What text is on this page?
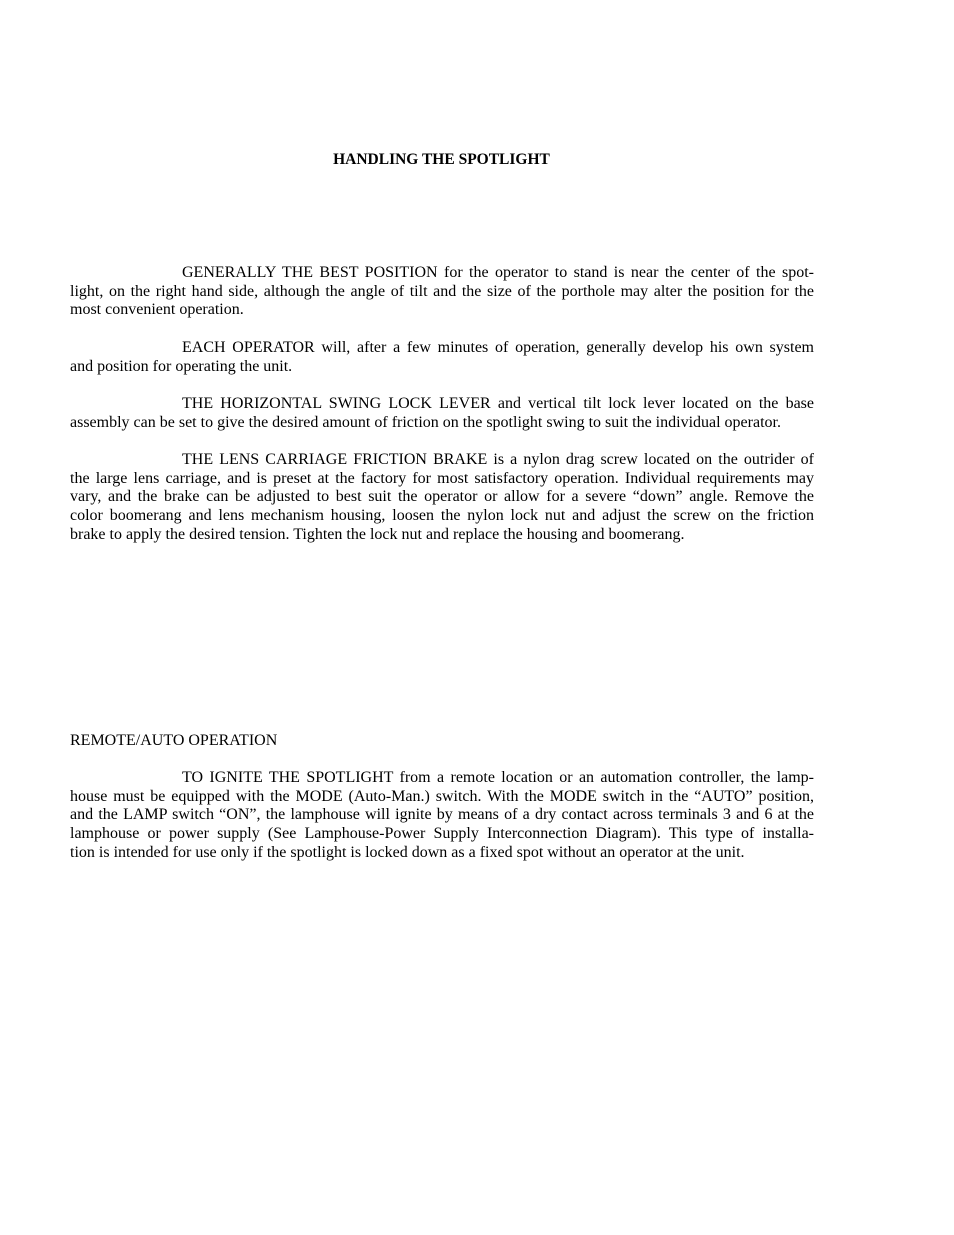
HANDLING THE SPOTLIGHT
GENERALLY THE BEST POSITION for the operator to stand is near the center of the spot-
light, on the right hand side, although the angle of tilt and the size of the porthole may alter the position for the
most convenient operation.
EACH OPERATOR will, after a few minutes of operation, generally develop his own system
and position for operating the unit.
THE HORIZONTAL SWING LOCK LEVER and vertical tilt lock lever located on the base
assembly can be set to give the desired amount of friction on the spotlight swing to suit the individual operator.
THE LENS CARRIAGE FRICTION BRAKE is a nylon drag screw located on the outrider of
the large lens carriage, and is preset at the factory for most satisfactory operation. Individual requirements may
vary, and the brake can be adjusted to best suit the operator or allow for a severe “down” angle. Remove the
color boomerang and lens mechanism housing, loosen the nylon lock nut and adjust the screw on the friction
brake to apply the desired tension. Tighten the lock nut and replace the housing and boomerang.
REMOTE/AUTO OPERATION
TO IGNITE THE SPOTLIGHT from a remote location or an automation controller, the lamp-
house must be equipped with the MODE (Auto-Man.) switch. With the MODE switch in the “AUTO” position,
and the LAMP switch “ON”, the lamphouse will ignite by means of a dry contact across terminals 3 and 6 at the
lamphouse or power supply (See Lamphouse-Power Supply Interconnection Diagram). This type of installa-
tion is intended for use only if the spotlight is locked down as a fixed spot without an operator at the unit.
